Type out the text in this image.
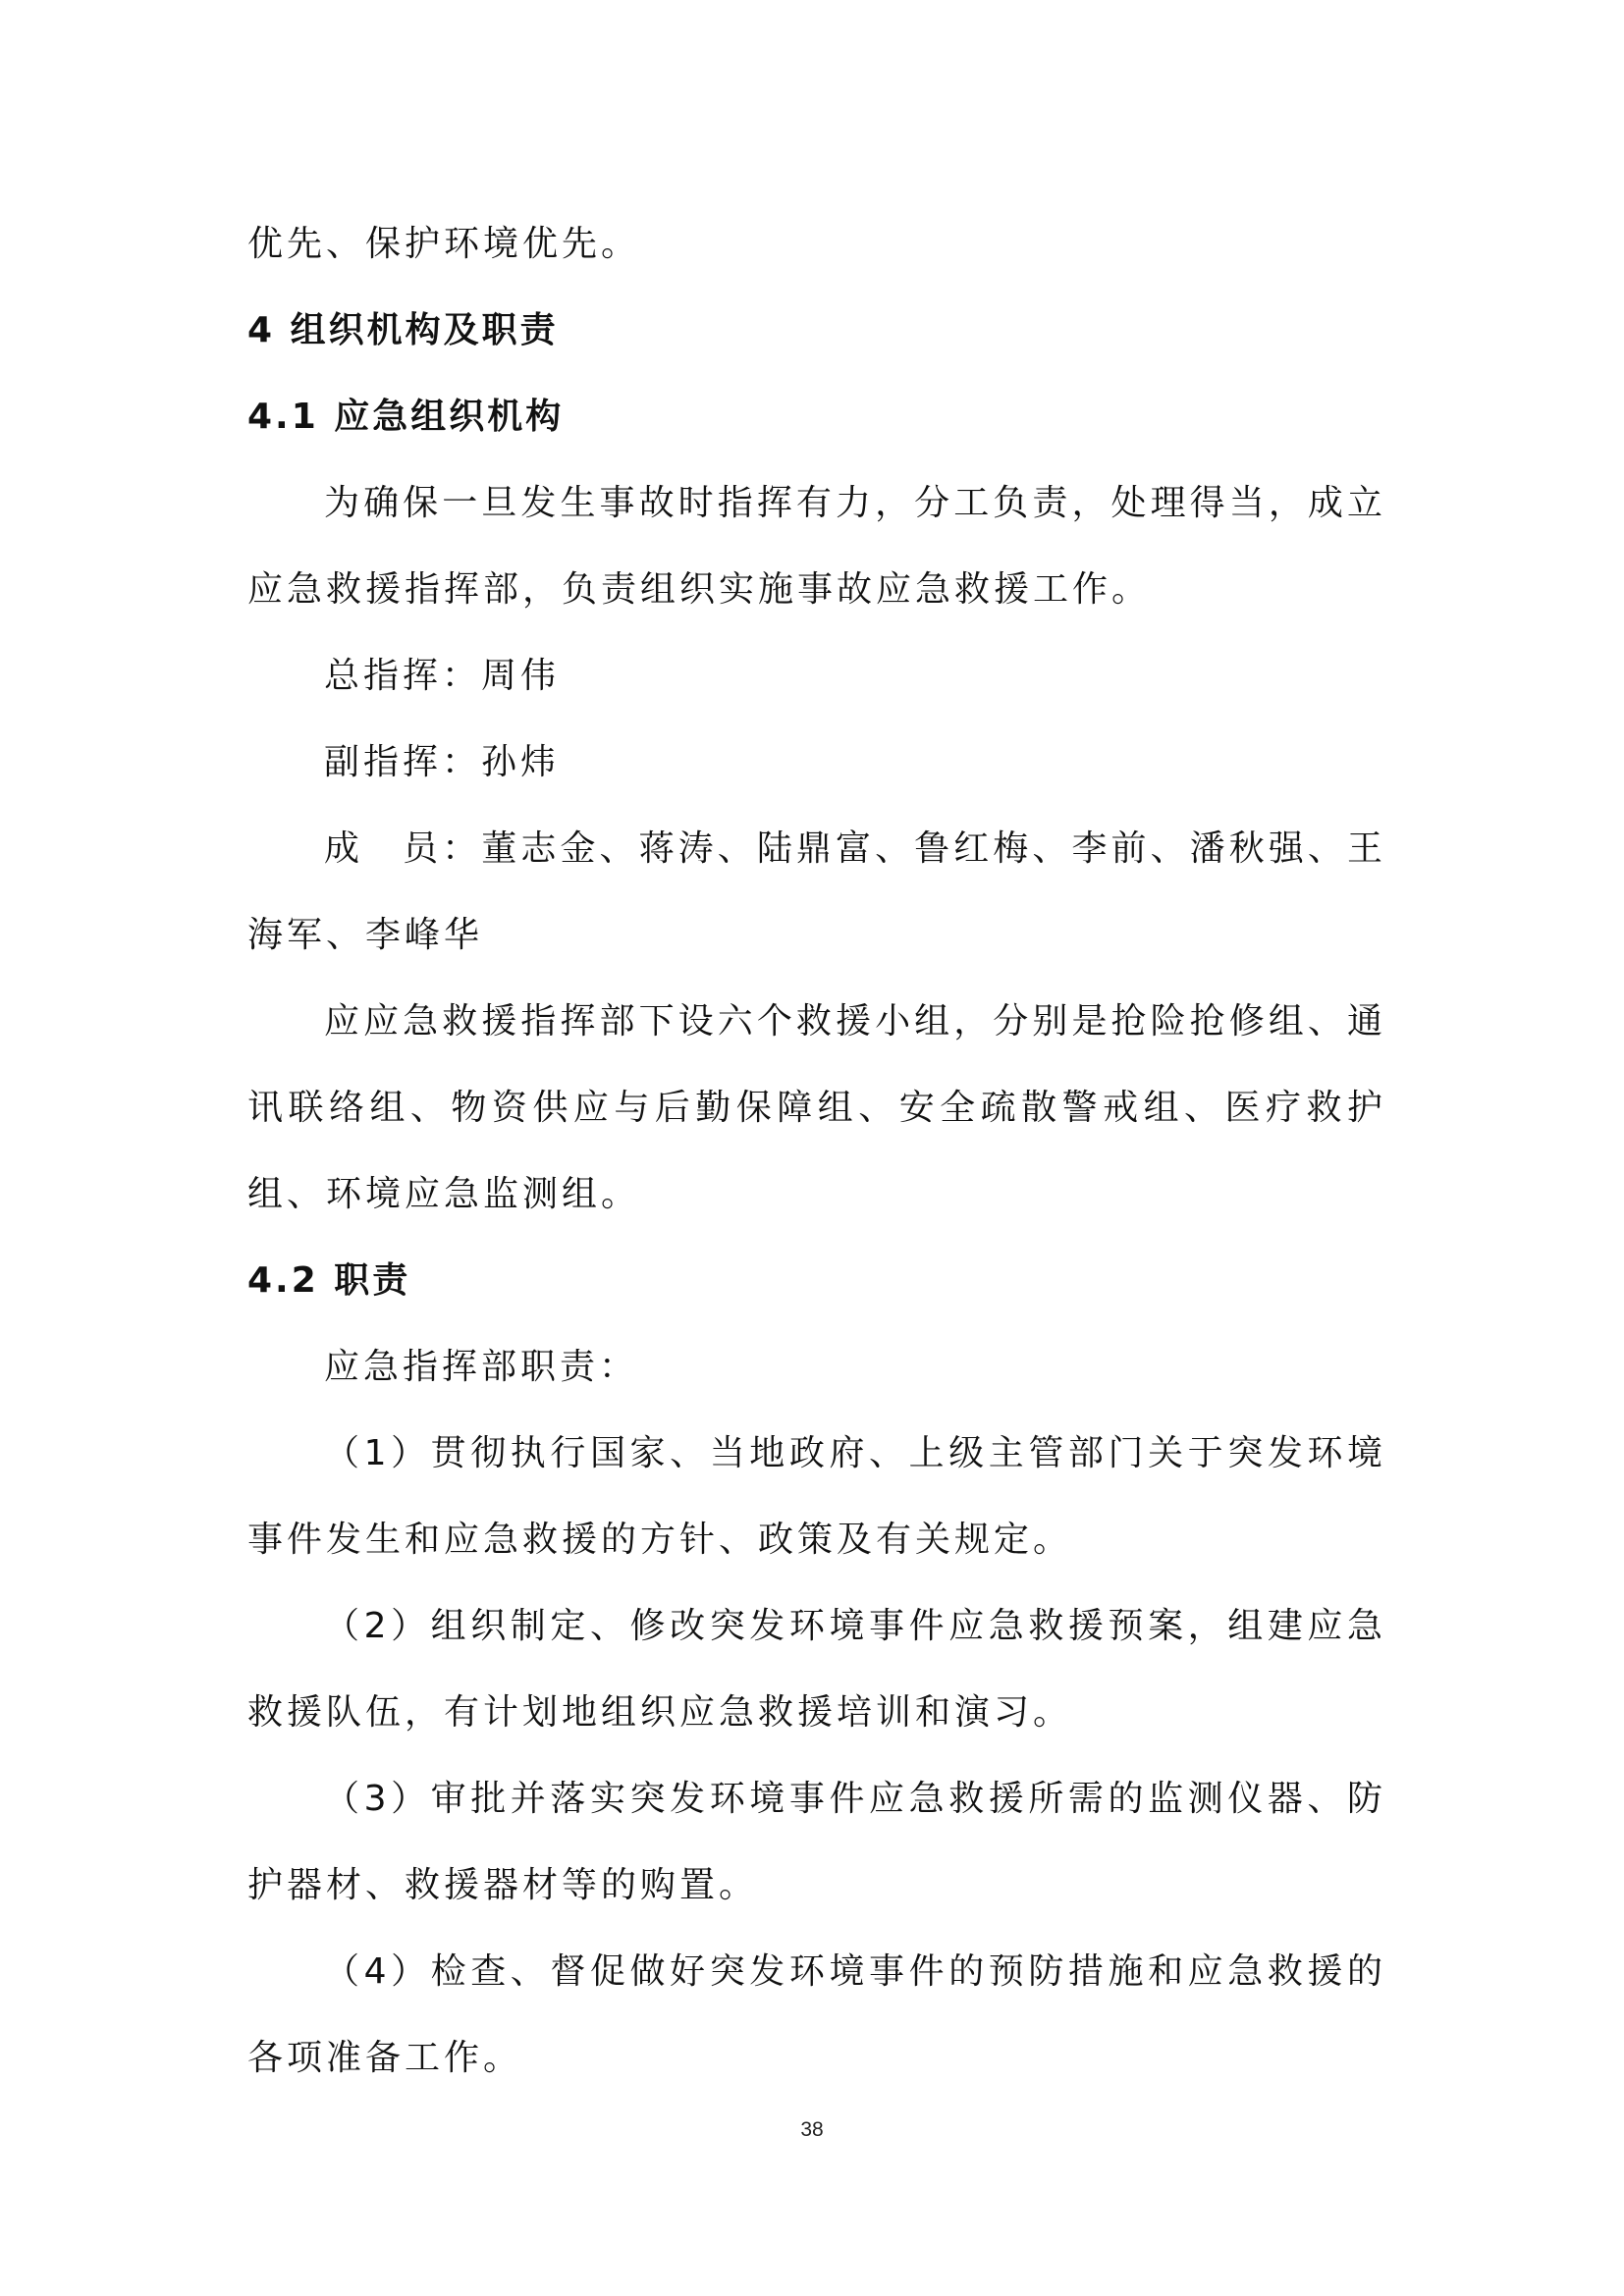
优先、保护环境优先。

4 组织机构及职责

4.1 应急组织机构

为确保一旦发生事故时指挥有力，分工负责，处理得当，成立应急救援指挥部，负责组织实施事故应急救援工作。

总指挥：周伟

副指挥：孙炜

成　员：董志金、蒋涛、陆鼎富、鲁红梅、李前、潘秋强、王海军、李峰华

应应急救援指挥部下设六个救援小组，分别是抢险抢修组、通讯联络组、物资供应与后勤保障组、安全疏散警戒组、医疗救护组、环境应急监测组。

4.2 职责

应急指挥部职责：

（1）贯彻执行国家、当地政府、上级主管部门关于突发环境事件发生和应急救援的方针、政策及有关规定。

（2）组织制定、修改突发环境事件应急救援预案，组建应急救援队伍，有计划地组织应急救援培训和演习。

（3）审批并落实突发环境事件应急救援所需的监测仪器、防护器材、救援器材等的购置。

（4）检查、督促做好突发环境事件的预防措施和应急救援的各项准备工作。

38
